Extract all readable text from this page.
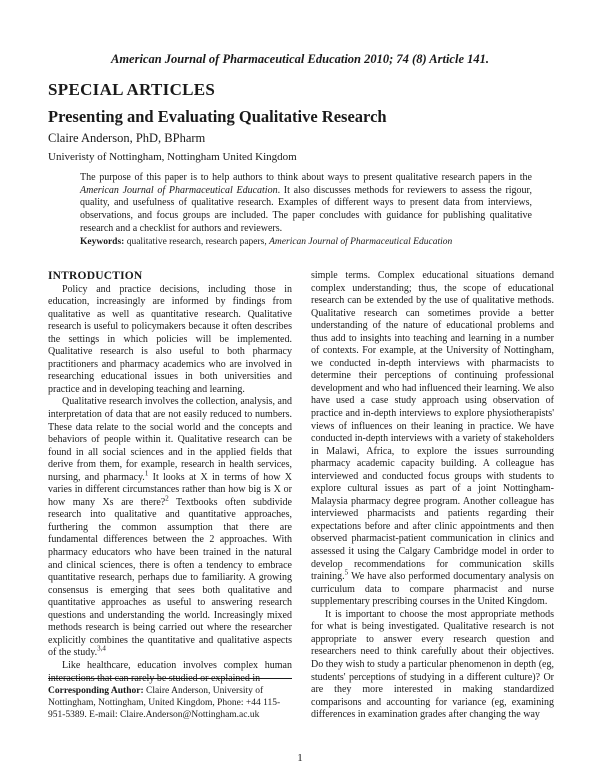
American Journal of Pharmaceutical Education 2010; 74 (8) Article 141.
SPECIAL ARTICLES
Presenting and Evaluating Qualitative Research
Claire Anderson, PhD, BPharm
Univeristy of Nottingham, Nottingham United Kingdom

The purpose of this paper is to help authors to think about ways to present qualitative research papers in the American Journal of Pharmaceutical Education. It also discusses methods for reviewers to assess the rigour, quality, and usefulness of qualitative research. Examples of different ways to present data from interviews, observations, and focus groups are included. The paper concludes with guidance for publishing qualitative research and a checklist for authors and reviewers.

Keywords: qualitative research, research papers, American Journal of Pharmaceutical Education

INTRODUCTION

Policy and practice decisions, including those in education, increasingly are informed by findings from qualitative as well as quantitative research. Qualitative research is useful to policymakers because it often describes the settings in which policies will be implemented. Qualitative research is also useful to both pharmacy practitioners and pharmacy academics who are involved in researching educational issues in both universities and practice and in developing teaching and learning.

Qualitative research involves the collection, analysis, and interpretation of data that are not easily reduced to numbers. These data relate to the social world and the concepts and behaviors of people within it. Qualitative research can be found in all social sciences and in the applied fields that derive from them, for example, research in health services, nursing, and pharmacy.$^1$ It looks at X in terms of how X varies in different circumstances rather than how big is X or how many Xs are there?$^2$ Textbooks often subdivide research into qualitative and quantitative approaches, furthering the common assumption that there are fundamental differences between the 2 approaches. With pharmacy educators who have been trained in the natural and clinical sciences, there is often a tendency to embrace quantitative research, perhaps due to familiarity. A growing consensus is emerging that sees both qualitative and quantitative approaches as useful to answering research questions and understanding the world. Increasingly mixed methods research is being carried out where the researcher explicitly combines the quantitative and qualitative aspects of the study.$^{3,4}$

Like healthcare, education involves complex human interactions that can rarely be studied or explained in

simple terms. Complex educational situations demand complex understanding; thus, the scope of educational research can be extended by the use of qualitative methods. Qualitative research can sometimes provide a better understanding of the nature of educational problems and thus add to insights into teaching and learning in a number of contexts. For example, at the University of Nottingham, we conducted in-depth interviews with pharmacists to determine their perceptions of continuing professional development and who had influenced their learning. We also have used a case study approach using observation of practice and in-depth interviews to explore physiotherapists' views of influences on their leaning in practice. We have conducted in-depth interviews with a variety of stakeholders in Malawi, Africa, to explore the issues surrounding pharmacy academic capacity building. A colleague has interviewed and conducted focus groups with students to explore cultural issues as part of a joint Nottingham-Malaysia pharmacy degree program. Another colleague has interviewed pharmacists and patients regarding their expectations before and after clinic appointments and then observed pharmacist-patient communication in clinics and assessed it using the Calgary Cambridge model in order to develop recommendations for communication skills training.$^5$ We have also performed documentary analysis on curriculum data to compare pharmacist and nurse supplementary prescribing courses in the United Kingdom.

It is important to choose the most appropriate methods for what is being investigated. Qualitative research is not appropriate to answer every research question and researchers need to think carefully about their objectives. Do they wish to study a particular phenomenon in depth (eg, students' perceptions of studying in a different culture)? Or are they more interested in making standardized comparisons and accounting for variance (eg, examining differences in examination grades after changing the way

Corresponding Author: Claire Anderson, University of Nottingham, Nottingham, United Kingdom, Phone: +44 115-951-5389. E-mail: Claire.Anderson@Nottingham.ac.uk
1
